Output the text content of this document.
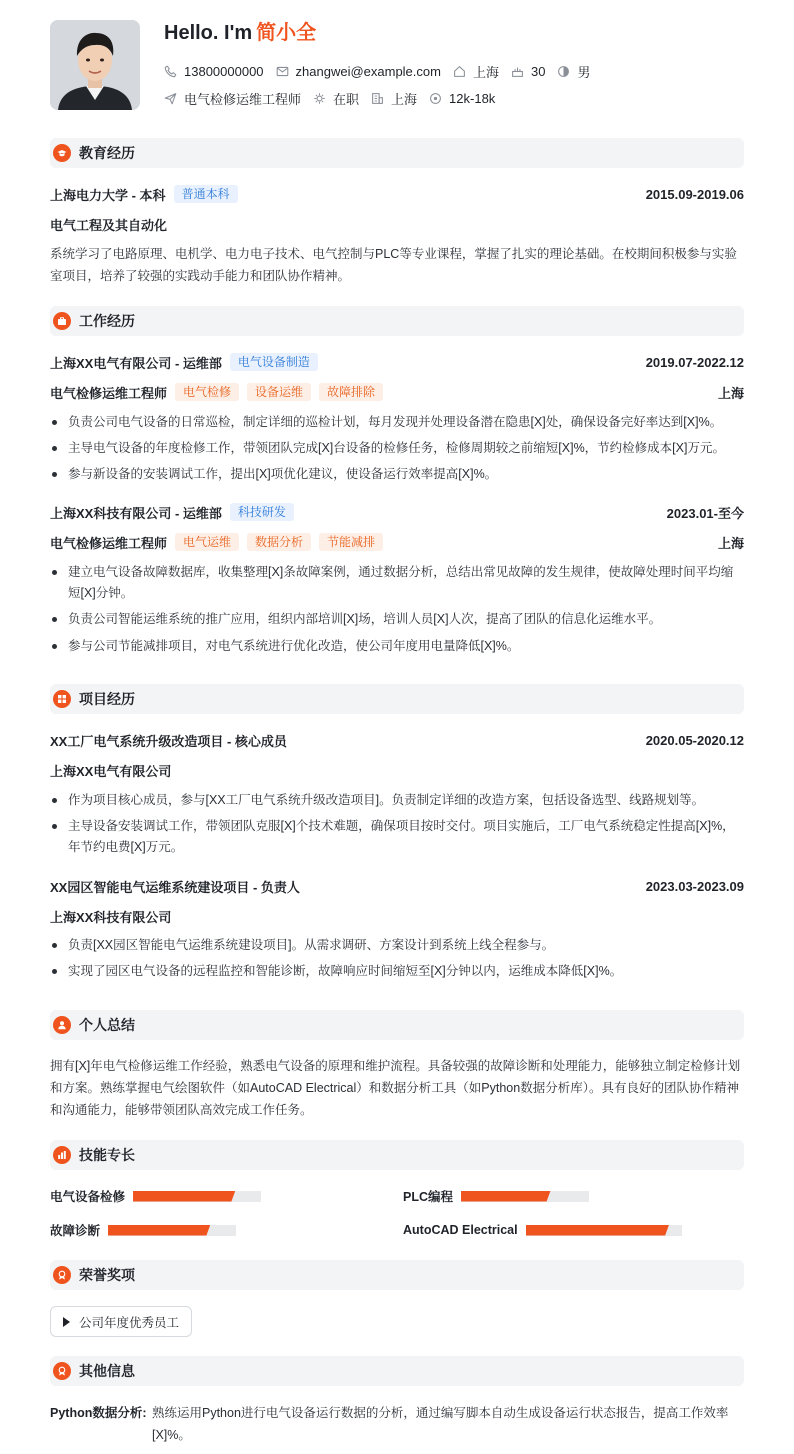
Hello. I'm 简小全
13800000000 zhangwei@example.com 上海 30 男
电气检修运维工程师 在职 上海 12k-18k
教育经历
上海电力大学 - 本科	普通本科	2015.09-2019.06
电气工程及其自动化
系统学习了电路原理、电机学、电力电子技术、电气控制与PLC等专业课程，掌握了扎实的理论基础。在校期间积极参与实验室项目，培养了较强的实践动手能力和团队协作精神。
工作经历
上海XX电气有限公司 - 运维部	电气设备制造	2019.07-2022.12
电气检修运维工程师	电气检修	设备运维	故障排除	上海
负责公司电气设备的日常巡检，制定详细的巡检计划，每月发现并处理设备潜在隐患[X]处，确保设备完好率达到[X]%。
主导电气设备的年度检修工作，带领团队完成[X]台设备的检修任务，检修周期较之前缩短[X]%，节约检修成本[X]万元。
参与新设备的安装调试工作，提出[X]项优化建议，使设备运行效率提高[X]%。
上海XX科技有限公司 - 运维部	科技研发	2023.01-至今
电气检修运维工程师	电气运维	数据分析	节能减排	上海
建立电气设备故障数据库，收集整理[X]条故障案例，通过数据分析，总结出常见故障的发生规律，使故障处理时间平均缩短[X]分钟。
负责公司智能运维系统的推广应用，组织内部培训[X]场，培训人员[X]人次，提高了团队的信息化运维水平。
参与公司节能减排项目，对电气系统进行优化改造，使公司年度用电量降低[X]%。
项目经历
XX工厂电气系统升级改造项目 - 核心成员	2020.05-2020.12
上海XX电气有限公司
作为项目核心成员，参与[XX工厂电气系统升级改造项目]。负责制定详细的改造方案，包括设备选型、线路规划等。
主导设备安装调试工作，带领团队克服[X]个技术难题，确保项目按时交付。项目实施后，工厂电气系统稳定性提高[X]%，年节约电费[X]万元。
XX园区智能电气运维系统建设项目 - 负责人	2023.03-2023.09
上海XX科技有限公司
负责[XX园区智能电气运维系统建设项目]。从需求调研、方案设计到系统上线全程参与。
实现了园区电气设备的远程监控和智能诊断，故障响应时间缩短至[X]分钟以内，运维成本降低[X]%。
个人总结
拥有[X]年电气检修运维工作经验，熟悉电气设备的原理和维护流程。具备较强的故障诊断和处理能力，能够独立制定检修计划和方案。熟练掌握电气绘图软件（如AutoCAD Electrical）和数据分析工具（如Python数据分析库）。具有良好的团队协作精神和沟通能力，能够带领团队高效完成工作任务。
技能专长
电气设备检修	PLC编程
故障诊断	AutoCAD Electrical
荣誉奖项
公司年度优秀员工
其他信息
Python数据分析: 熟练运用Python进行电气设备运行数据的分析，通过编写脚本自动生成设备运行状态报告，提高工作效率[X]%。
